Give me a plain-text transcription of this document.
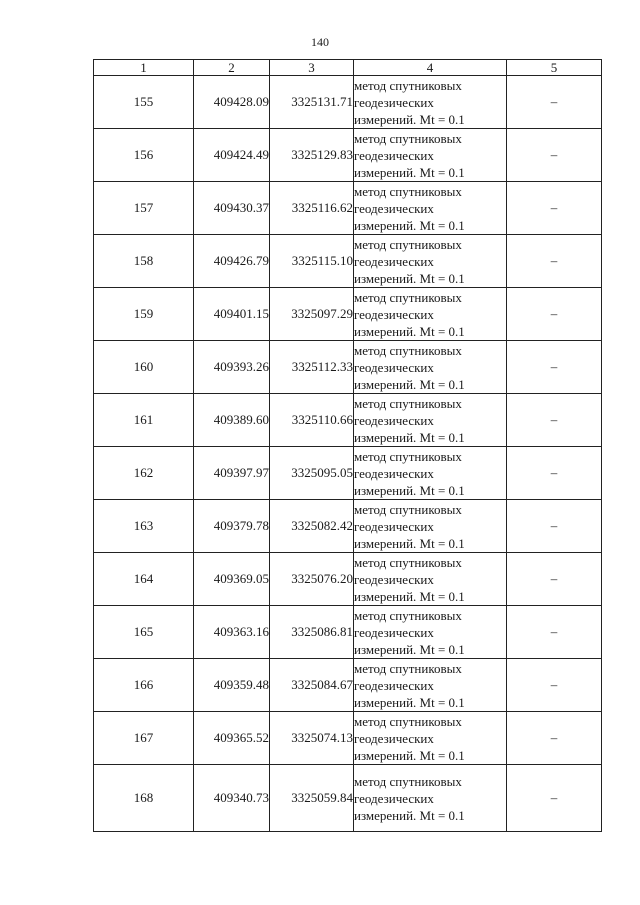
140
1	2	3	4	5
155	409428.09	3325131.71	метод спутниковых
геодезических
измерений. Mt = 0.1	–
156	409424.49	3325129.83	метод спутниковых
геодезических
измерений. Mt = 0.1	–
157	409430.37	3325116.62	метод спутниковых
геодезических
измерений. Mt = 0.1	–
158	409426.79	3325115.10	метод спутниковых
геодезических
измерений. Mt = 0.1	–
159	409401.15	3325097.29	метод спутниковых
геодезических
измерений. Mt = 0.1	–
160	409393.26	3325112.33	метод спутниковых
геодезических
измерений. Mt = 0.1	–
161	409389.60	3325110.66	метод спутниковых
геодезических
измерений. Mt = 0.1	–
162	409397.97	3325095.05	метод спутниковых
геодезических
измерений. Mt = 0.1	–
163	409379.78	3325082.42	метод спутниковых
геодезических
измерений. Mt = 0.1	–
164	409369.05	3325076.20	метод спутниковых
геодезических
измерений. Mt = 0.1	–
165	409363.16	3325086.81	метод спутниковых
геодезических
измерений. Mt = 0.1	–
166	409359.48	3325084.67	метод спутниковых
геодезических
измерений. Mt = 0.1	–
167	409365.52	3325074.13	метод спутниковых
геодезических
измерений. Mt = 0.1	–
168	409340.73	3325059.84	метод спутниковых
геодезических
измерений. Mt = 0.1	–
